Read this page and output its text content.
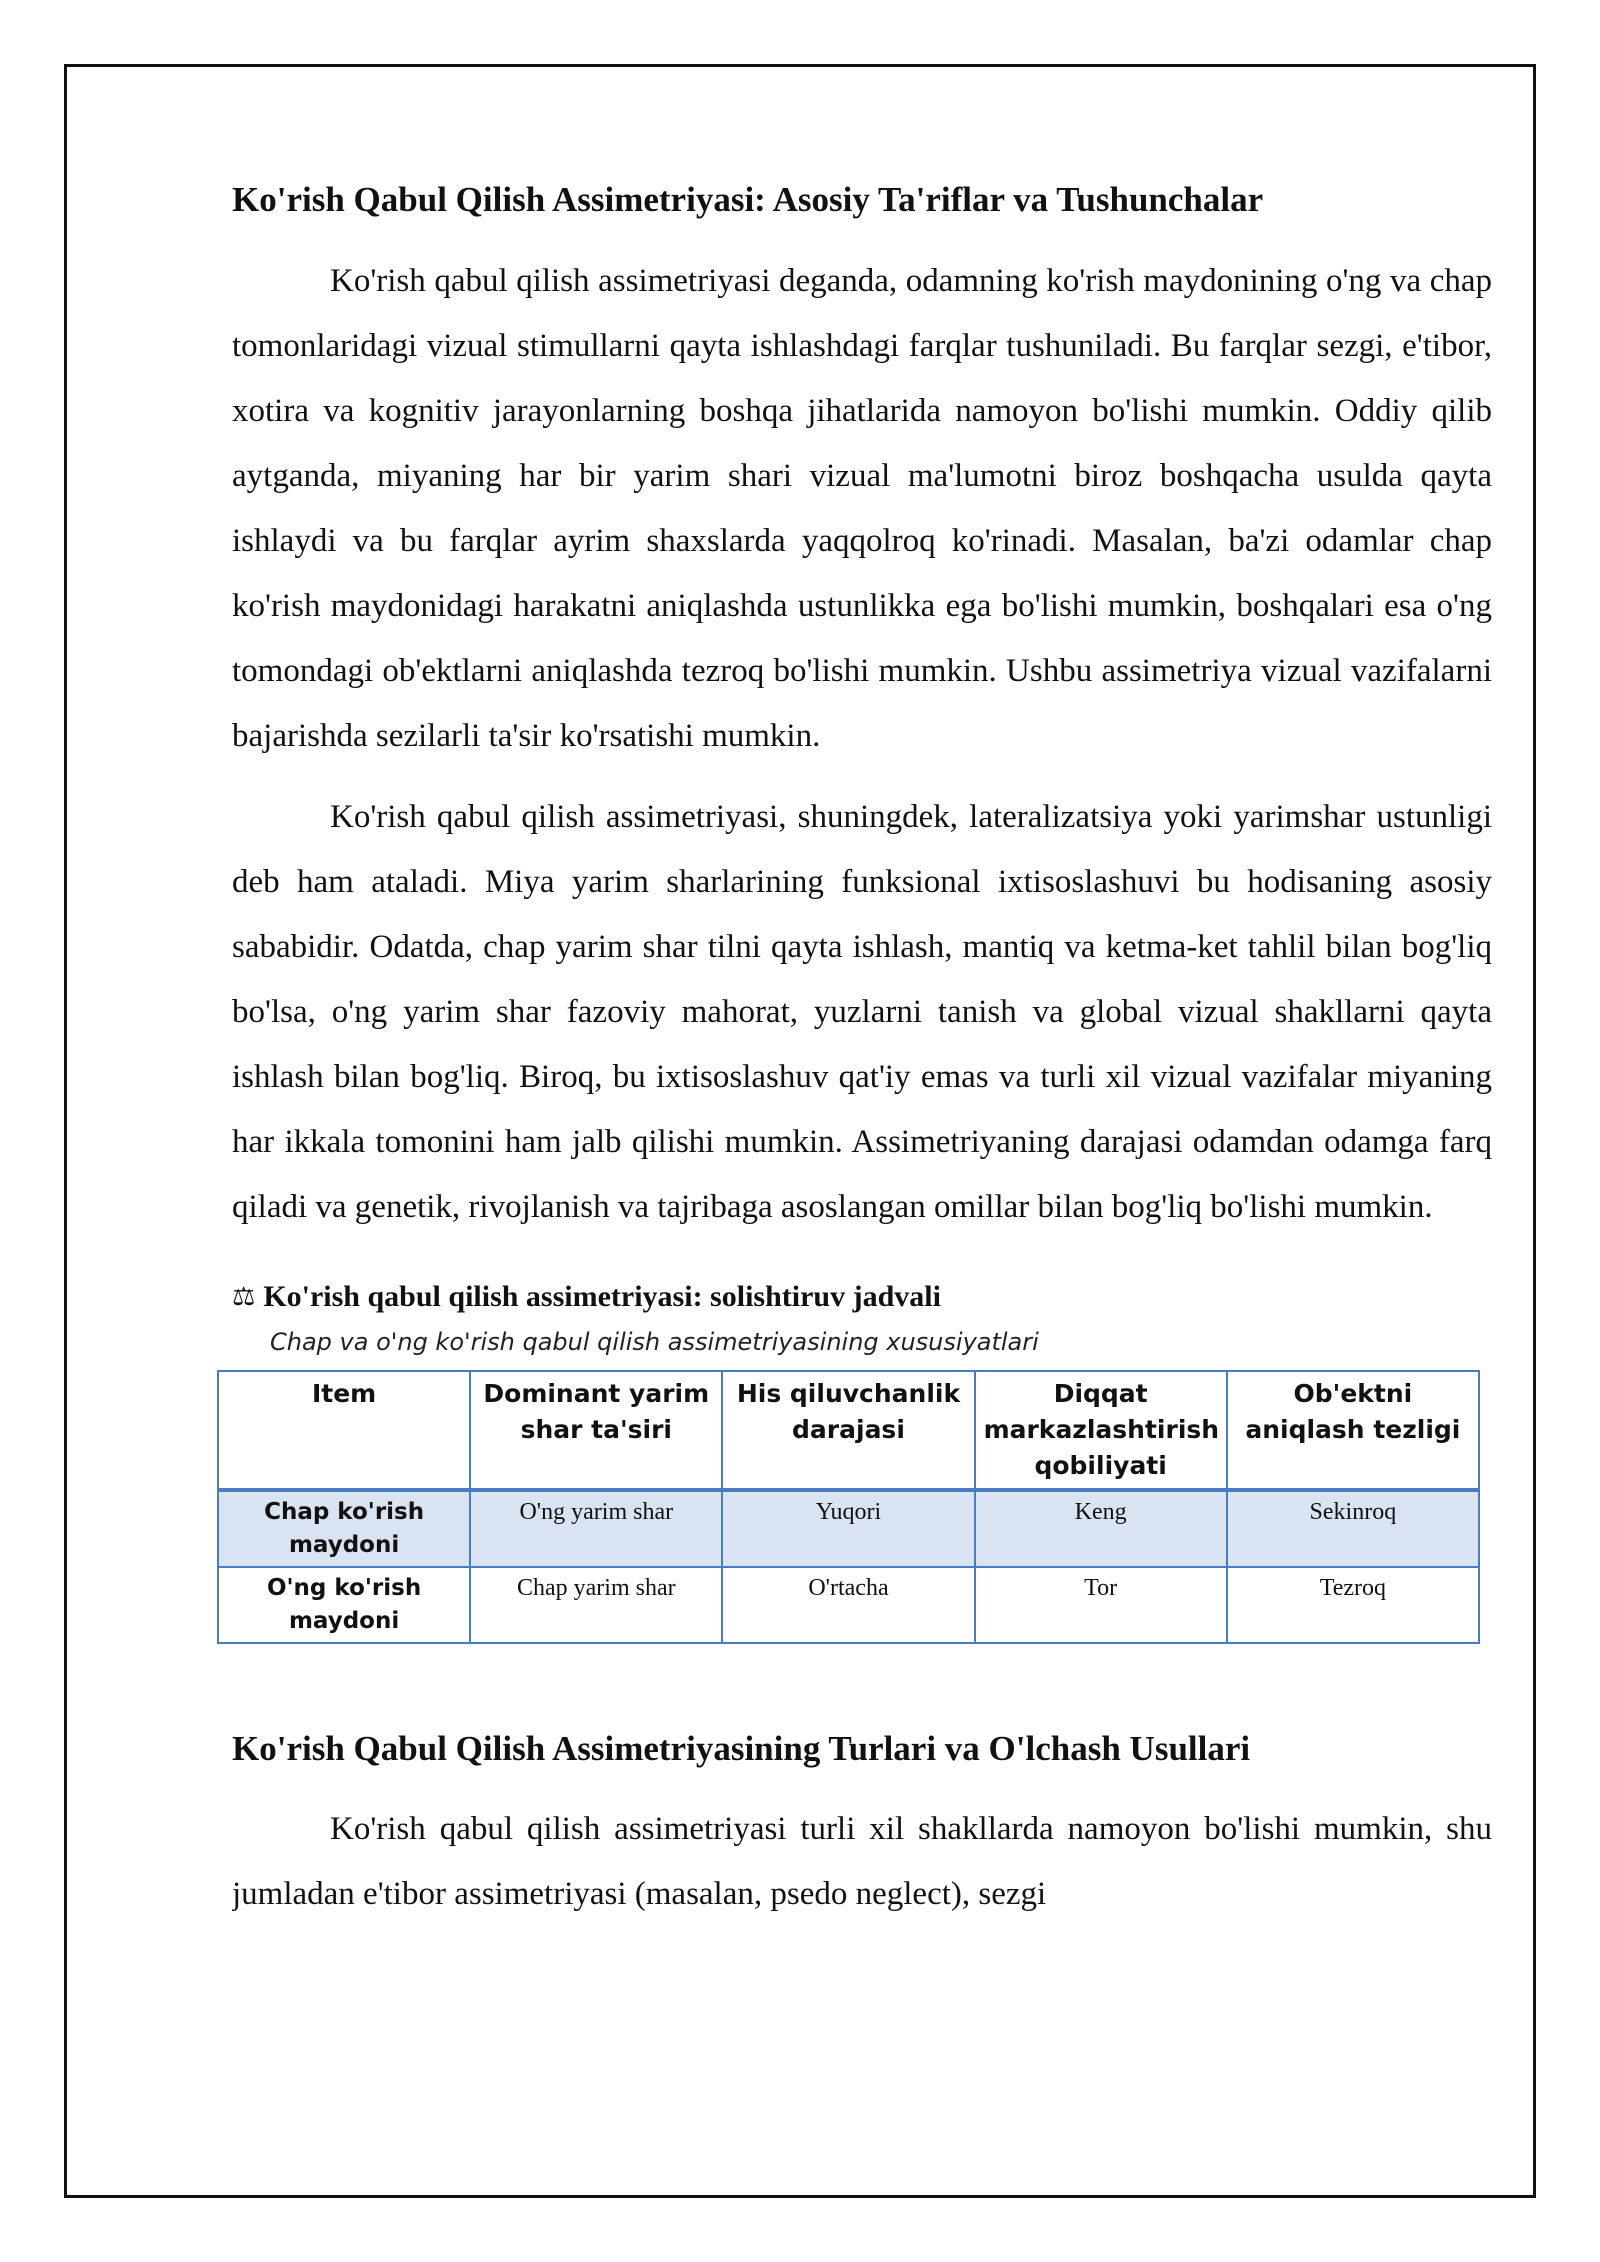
Ko'rish Qabul Qilish Assimetriyasi: Asosiy Ta'riflar va Tushunchalar

Ko'rish qabul qilish assimetriyasi deganda, odamning ko'rish maydonining o'ng va chap tomonlaridagi vizual stimullarni qayta ishlashdagi farqlar tushuniladi. Bu farqlar sezgi, e'tibor, xotira va kognitiv jarayonlarning boshqa jihatlarida namoyon bo'lishi mumkin. Oddiy qilib aytganda, miyaning har bir yarim shari vizual ma'lumotni biroz boshqacha usulda qayta ishlaydi va bu farqlar ayrim shaxslarda yaqqolroq ko'rinadi. Masalan, ba'zi odamlar chap ko'rish maydonidagi harakatni aniqlashda ustunlikka ega bo'lishi mumkin, boshqalari esa o'ng tomondagi ob'ektlarni aniqlashda tezroq bo'lishi mumkin. Ushbu assimetriya vizual vazifalarni bajarishda sezilarli ta'sir ko'rsatishi mumkin.

Ko'rish qabul qilish assimetriyasi, shuningdek, lateralizatsiya yoki yarimshar ustunligi deb ham ataladi. Miya yarim sharlarining funksional ixtisoslashuvi bu hodisaning asosiy sababidir. Odatda, chap yarim shar tilni qayta ishlash, mantiq va ketma-ket tahlil bilan bog'liq bo'lsa, o'ng yarim shar fazoviy mahorat, yuzlarni tanish va global vizual shakllarni qayta ishlash bilan bog'liq. Biroq, bu ixtisoslashuv qat'iy emas va turli xil vizual vazifalar miyaning har ikkala tomonini ham jalb qilishi mumkin. Assimetriyaning darajasi odamdan odamga farq qiladi va genetik, rivojlanish va tajribaga asoslangan omillar bilan bog'liq bo'lishi mumkin.

⚖ Ko'rish qabul qilish assimetriyasi: solishtiruv jadvali
Chap va o'ng ko'rish qabul qilish assimetriyasining xususiyatlari
Item	Dominant yarim shar ta'siri	His qiluvchanlik darajasi	Diqqat markazlashtirish qobiliyati	Ob'ektni aniqlash tezligi
Chap ko'rish maydoni	O'ng yarim shar	Yuqori	Keng	Sekinroq
O'ng ko'rish maydoni	Chap yarim shar	O'rtacha	Tor	Tezroq
Ko'rish Qabul Qilish Assimetriyasining Turlari va O'lchash Usullari

Ko'rish qabul qilish assimetriyasi turli xil shakllarda namoyon bo'lishi mumkin, shu jumladan e'tibor assimetriyasi (masalan, psedo neglect), sezgi
